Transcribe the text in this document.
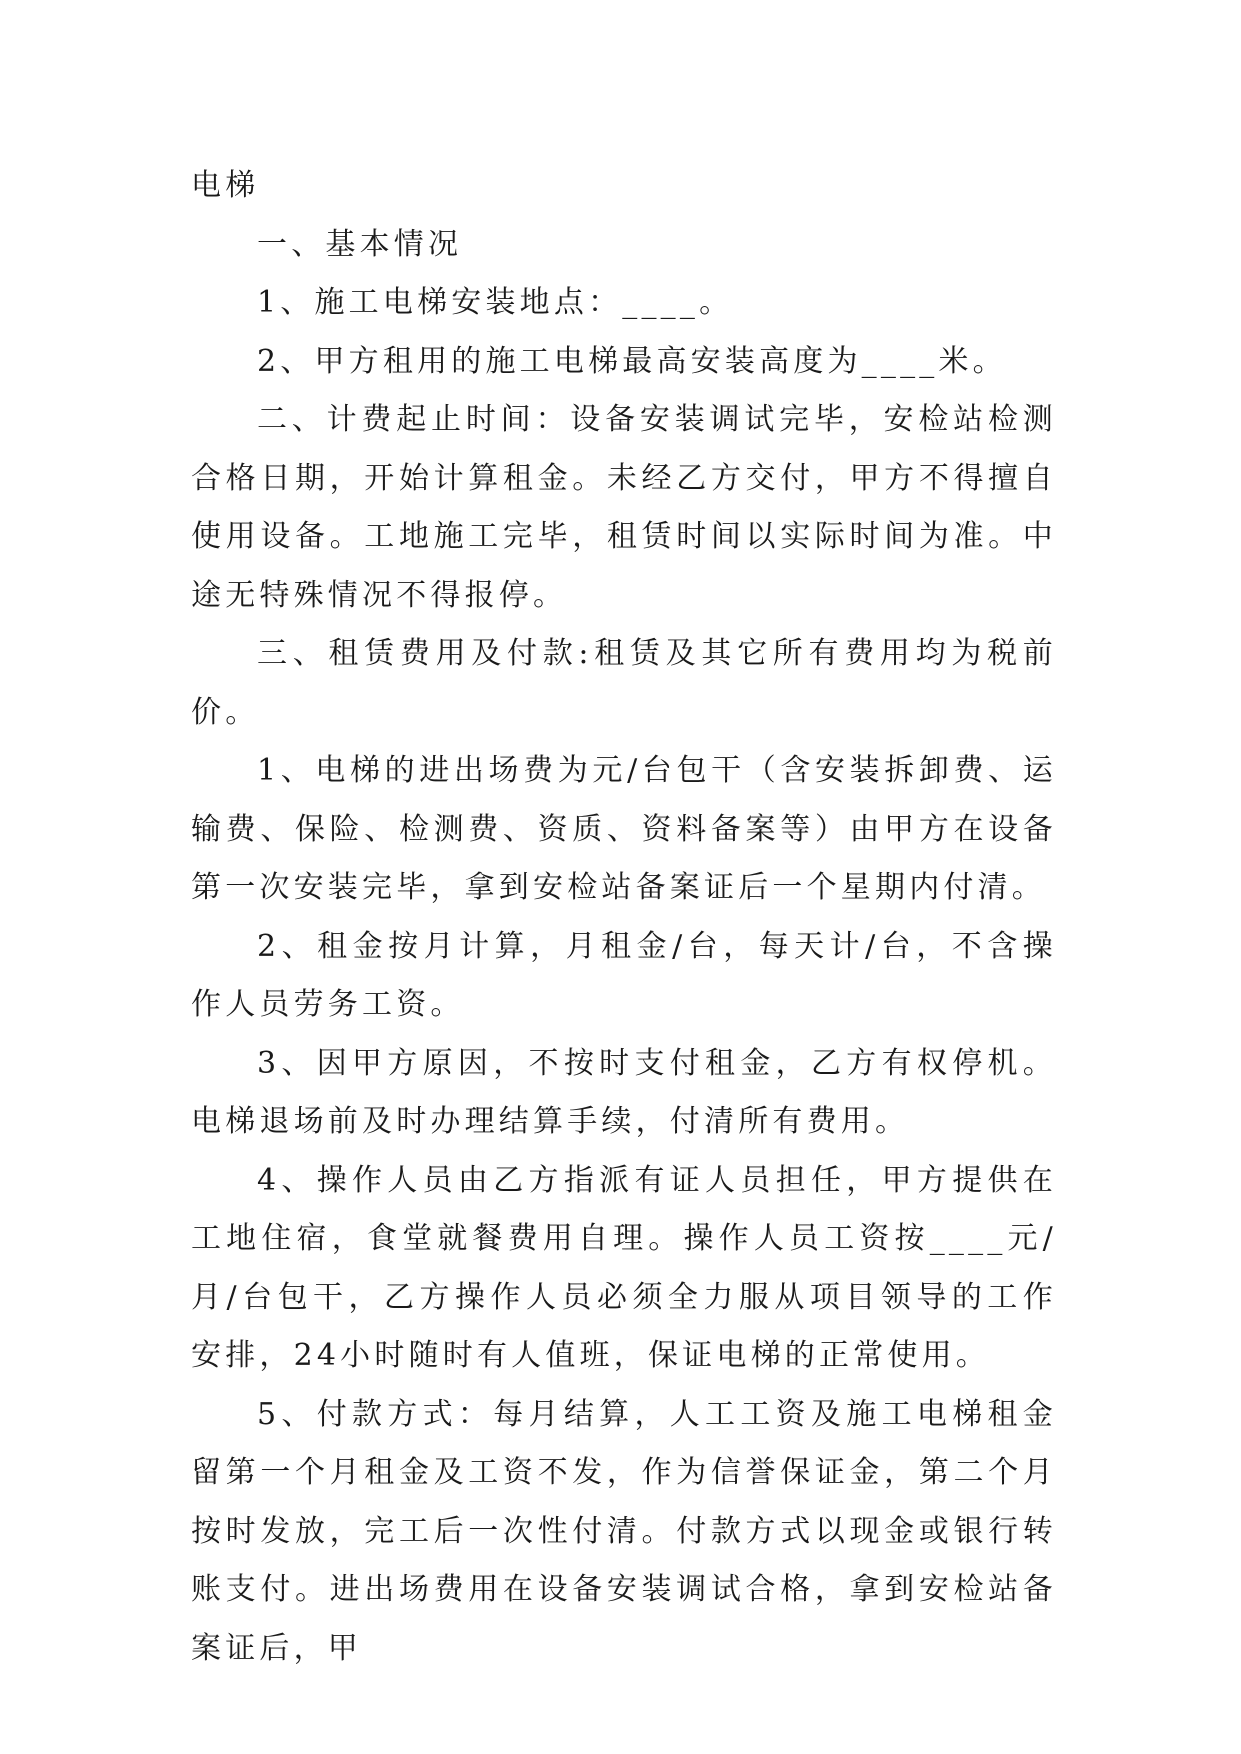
电梯

一、基本情况

1、施工电梯安装地点：____。

2、甲方租用的施工电梯最高安装高度为____米。

二、计费起止时间：设备安装调试完毕，安检站检测合格日期，开始计算租金。未经乙方交付，甲方不得擅自使用设备。工地施工完毕，租赁时间以实际时间为准。中途无特殊情况不得报停。

三、租赁费用及付款:租赁及其它所有费用均为税前价。

1、电梯的进出场费为元/台包干（含安装拆卸费、运输费、保险、检测费、资质、资料备案等）由甲方在设备第一次安装完毕，拿到安检站备案证后一个星期内付清。

2、租金按月计算，月租金/台，每天计/台，不含操作人员劳务工资。

3、因甲方原因，不按时支付租金，乙方有权停机。电梯退场前及时办理结算手续，付清所有费用。

4、操作人员由乙方指派有证人员担任，甲方提供在工地住宿，食堂就餐费用自理。操作人员工资按____元/月/台包干，乙方操作人员必须全力服从项目领导的工作安排，24小时随时有人值班，保证电梯的正常使用。

5、付款方式：每月结算，人工工资及施工电梯租金留第一个月租金及工资不发，作为信誉保证金，第二个月按时发放，完工后一次性付清。付款方式以现金或银行转账支付。进出场费用在设备安装调试合格，拿到安检站备案证后，甲
